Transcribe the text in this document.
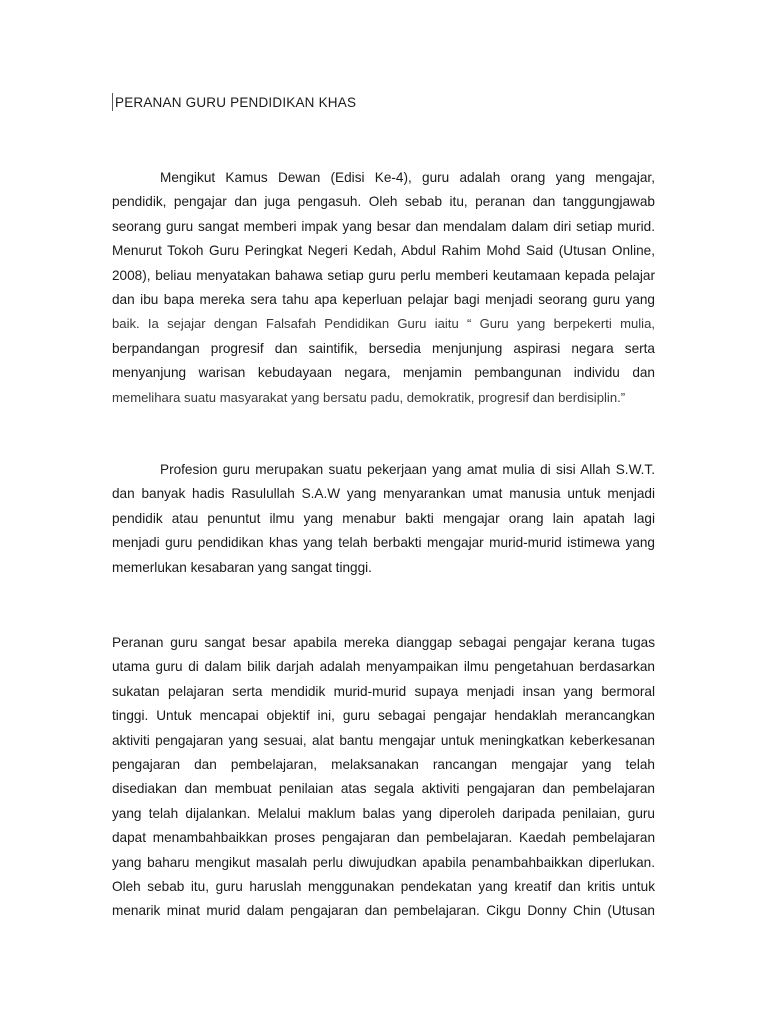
PERANAN GURU PENDIDIKAN KHAS
Mengikut Kamus Dewan (Edisi Ke-4), guru adalah orang yang mengajar,
pendidik, pengajar dan juga pengasuh. Oleh sebab itu, peranan dan tanggungjawab
seorang guru sangat memberi impak yang besar dan mendalam dalam diri setiap murid.
Menurut Tokoh Guru Peringkat Negeri Kedah, Abdul Rahim Mohd Said (Utusan Online,
2008), beliau menyatakan bahawa setiap guru perlu memberi keutamaan kepada pelajar
dan ibu bapa mereka sera tahu apa keperluan pelajar bagi menjadi seorang guru yang
baik. Ia sejajar dengan Falsafah Pendidikan Guru iaitu “ Guru yang berpekerti mulia,
berpandangan progresif dan saintifik, bersedia menjunjung aspirasi negara serta
menyanjung warisan kebudayaan negara, menjamin pembangunan individu dan
memelihara suatu masyarakat yang bersatu padu, demokratik, progresif dan berdisiplin.”
Profesion guru merupakan suatu pekerjaan yang amat mulia di sisi Allah S.W.T.
dan banyak hadis Rasulullah S.A.W yang menyarankan umat manusia untuk menjadi
pendidik atau penuntut ilmu yang menabur bakti mengajar orang lain apatah lagi
menjadi guru pendidikan khas yang telah berbakti mengajar murid-murid istimewa yang
memerlukan kesabaran yang sangat tinggi.
Peranan guru sangat besar apabila mereka dianggap sebagai pengajar kerana tugas
utama guru di dalam bilik darjah adalah menyampaikan ilmu pengetahuan berdasarkan
sukatan pelajaran serta mendidik murid-murid supaya menjadi insan yang bermoral
tinggi. Untuk mencapai objektif ini, guru sebagai pengajar hendaklah merancangkan
aktiviti pengajaran yang sesuai, alat bantu mengajar untuk meningkatkan keberkesanan
pengajaran dan pembelajaran, melaksanakan rancangan mengajar yang telah
disediakan dan membuat penilaian atas segala aktiviti pengajaran dan pembelajaran
yang telah dijalankan. Melalui maklum balas yang diperoleh daripada penilaian, guru
dapat menambahbaikkan proses pengajaran dan pembelajaran. Kaedah pembelajaran
yang baharu mengikut masalah perlu diwujudkan apabila penambahbaikkan diperlukan.
Oleh sebab itu, guru haruslah menggunakan pendekatan yang kreatif dan kritis untuk
menarik minat murid dalam pengajaran dan pembelajaran. Cikgu Donny Chin (Utusan
